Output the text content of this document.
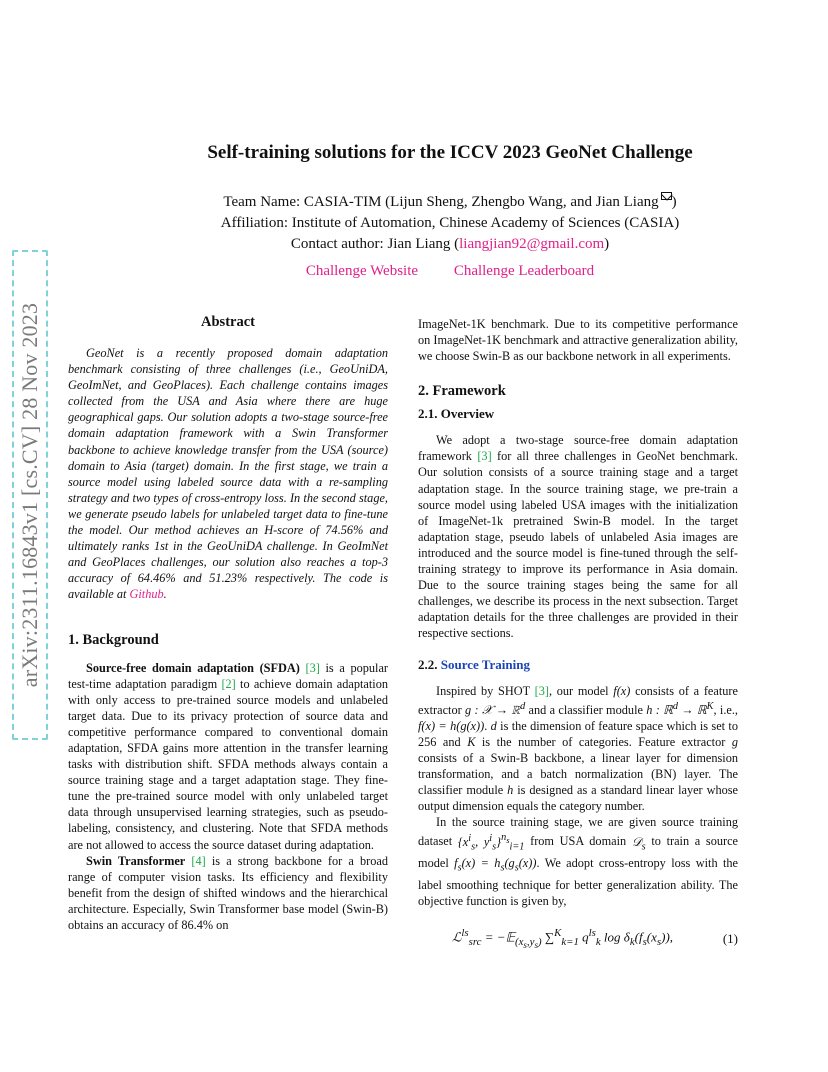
arXiv:2311.16843v1 [cs.CV] 28 Nov 2023
Self-training solutions for the ICCV 2023 GeoNet Challenge
Team Name: CASIA-TIM (Lijun Sheng, Zhengbo Wang, and Jian Liang )
Affiliation: Institute of Automation, Chinese Academy of Sciences (CASIA)
Contact author: Jian Liang (liangjian92@gmail.com)
Challenge Website Challenge Leaderboard
Abstract

GeoNet is a recently proposed domain adaptation benchmark consisting of three challenges (i.e., GeoUniDA, GeoImNet, and GeoPlaces). Each challenge contains images collected from the USA and Asia where there are huge geographical gaps. Our solution adopts a two-stage source-free domain adaptation framework with a Swin Transformer backbone to achieve knowledge transfer from the USA (source) domain to Asia (target) domain. In the first stage, we train a source model using labeled source data with a re-sampling strategy and two types of cross-entropy loss. In the second stage, we generate pseudo labels for unlabeled target data to fine-tune the model. Our method achieves an H-score of 74.56% and ultimately ranks 1st in the GeoUniDA challenge. In GeoImNet and GeoPlaces challenges, our solution also reaches a top-3 accuracy of 64.46% and 51.23% respectively. The code is available at Github.

1. Background

Source-free domain adaptation (SFDA) [3] is a popular test-time adaptation paradigm [2] to achieve domain adaptation with only access to pre-trained source models and unlabeled target data. Due to its privacy protection of source data and competitive performance compared to conventional domain adaptation, SFDA gains more attention in the transfer learning tasks with distribution shift. SFDA methods always contain a source training stage and a target adaptation stage. They fine-tune the pre-trained source model with only unlabeled target data through unsupervised learning strategies, such as pseudo-labeling, consistency, and clustering. Note that SFDA methods are not allowed to access the source dataset during adaptation.

Swin Transformer [4] is a strong backbone for a broad range of computer vision tasks. Its efficiency and flexibility benefit from the design of shifted windows and the hierarchical architecture. Especially, Swin Transformer base model (Swin-B) obtains an accuracy of 86.4% on

ImageNet-1K benchmark. Due to its competitive performance on ImageNet-1K benchmark and attractive generalization ability, we choose Swin-B as our backbone network in all experiments.

2. Framework
2.1. Overview

We adopt a two-stage source-free domain adaptation framework [3] for all three challenges in GeoNet benchmark. Our solution consists of a source training stage and a target adaptation stage. In the source training stage, we pre-train a source model using labeled USA images with the initialization of ImageNet-1k pretrained Swin-B model. In the target adaptation stage, pseudo labels of unlabeled Asia images are introduced and the source model is fine-tuned through the self-training strategy to improve its performance in Asia domain. Due to the source training stages being the same for all challenges, we describe its process in the next subsection. Target adaptation details for the three challenges are provided in their respective sections.

2.2. Source Training

Inspired by SHOT [3], our model f(x) consists of a feature extractor g : 𝒳 → ℝ$^d$ and a classifier module h : ℝ$^d$ → ℝ$^K$, i.e., f(x) = h(g(x)). d is the dimension of feature space which is set to 256 and K is the number of categories. Feature extractor g consists of a Swin-B backbone, a linear layer for dimension transformation, and a batch normalization (BN) layer. The classifier module h is designed as a standard linear layer whose output dimension equals the category number.

In the source training stage, we are given source training dataset {$x^i_s$, $y^i_s\}^{n_s}_{i=1}$ from USA domain 𝒟$_s$ to train a source model $f_s(x) = h_s(g_s(x))$. We adopt cross-entropy loss with the label smoothing technique for better generalization ability. The objective function is given by,

ℒ$^{ls}_{src}$ = −𝔼$_{(x_s,y_s)}$ ∑$^K_{k=1}$ $q^{ls}_k$ $\log \delta_k(f_s(x_s))$,	(1)
